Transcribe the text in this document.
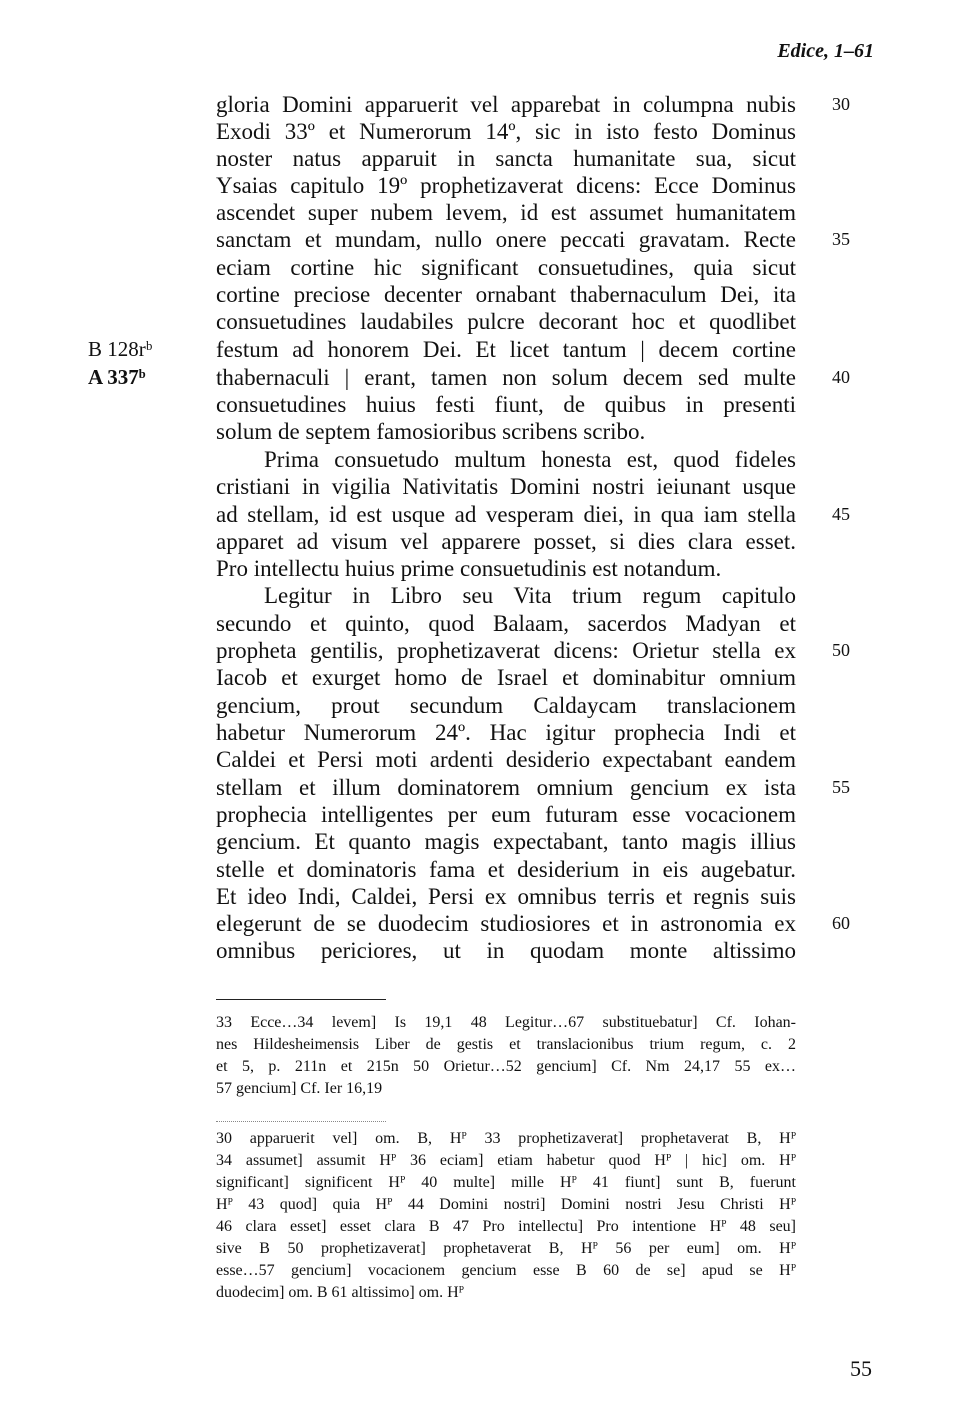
Edice, 1–61
B 128rᵇ
A 337ᵇ
gloria Domini apparuerit vel apparebat in columpna nubis
Exodi 33º et Numerorum 14º, sic in isto festo Dominus
noster natus apparuit in sancta humanitate sua, sicut
Ysaias capitulo 19º prophetizaverat dicens: Ecce Dominus
ascendet super nubem levem, id est assumet humanitatem
sanctam et mundam, nullo onere peccati gravatam. Recte
eciam cortine hic significant consuetudines, quia sicut
cortine preciose decenter ornabant thabernaculum Dei, ita
consuetudines laudabiles pulcre decorant hoc et quodlibet
festum ad honorem Dei. Et licet tantum | decem cortine
thabernaculi | erant, tamen non solum decem sed multe
consuetudines huius festi fiunt, de quibus in presenti
solum de septem famosioribus scribens scribo.
Prima consuetudo multum honesta est, quod fideles
cristiani in vigilia Nativitatis Domini nostri ieiunant usque
ad stellam, id est usque ad vesperam diei, in qua iam stella
apparet ad visum vel apparere posset, si dies clara esset.
Pro intellectu huius prime consuetudinis est notandum.
Legitur in Libro seu Vita trium regum capitulo
secundo et quinto, quod Balaam, sacerdos Madyan et
propheta gentilis, prophetizaverat dicens: Orietur stella ex
Iacob et exurget homo de Israel et dominabitur omnium
gencium, prout secundum Caldaycam translacionem
habetur Numerorum 24º. Hac igitur prophecia Indi et
Caldei et Persi moti ardenti desiderio expectabant eandem
stellam et illum dominatorem omnium gencium ex ista
prophecia intelligentes per eum futuram esse vocacionem
gencium. Et quanto magis expectabant, tanto magis illius
stelle et dominatoris fama et desiderium in eis augebatur.
Et ideo Indi, Caldei, Persi ex omnibus terris et regnis suis
elegerunt de se duodecim studiosiores et in astronomia ex
omnibus periciores, ut in quodam monte altissimo
30
35
40
45
50
55
60
33 Ecce…34 levem] Is 19,1 48 Legitur…67 substituebatur] Cf. Iohan-
nes Hildesheimensis Liber de gestis et translacionibus trium regum, c. 2
et 5, p. 211n et 215n 50 Orietur…52 gencium] Cf. Nm 24,17 55 ex…
57 gencium] Cf. Ier 16,19
30 apparuerit vel] om. B, Hᴾ 33 prophetizaverat] prophetaverat B, Hᴾ
34 assumet] assumit Hᴾ 36 eciam] etiam habetur quod Hᴾ | hic] om. Hᴾ
significant] significent Hᴾ 40 multe] mille Hᴾ 41 fiunt] sunt B, fuerunt
Hᴾ 43 quod] quia Hᴾ 44 Domini nostri] Domini nostri Jesu Christi Hᴾ
46 clara esset] esset clara B 47 Pro intellectu] Pro intentione Hᴾ 48 seu]
sive B 50 prophetizaverat] prophetaverat B, Hᴾ 56 per eum] om. Hᴾ
esse…57 gencium] vocacionem gencium esse B 60 de se] apud se Hᴾ
duodecim] om. B 61 altissimo] om. Hᴾ
55
